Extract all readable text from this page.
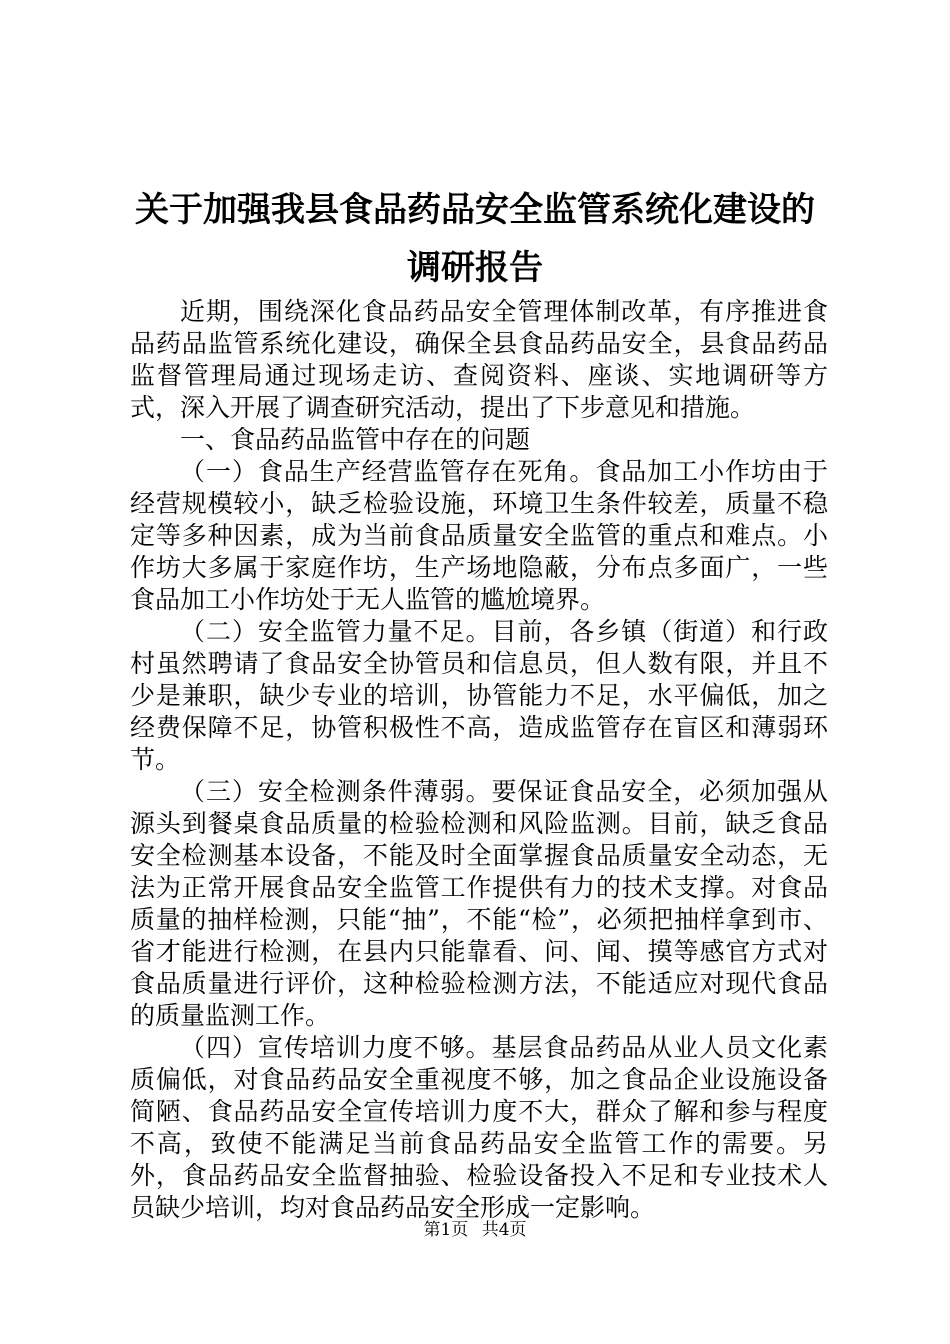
关于加强我县食品药品安全监管系统化建设的
调研报告

近期，围绕深化食品药品安全管理体制改革，有序推进食品药品监管系统化建设，确保全县食品药品安全，县食品药品监督管理局通过现场走访、查阅资料、座谈、实地调研等方式，深入开展了调查研究活动，提出了下步意见和措施。

一、食品药品监管中存在的问题

（一）食品生产经营监管存在死角。食品加工小作坊由于经营规模较小，缺乏检验设施，环境卫生条件较差，质量不稳定等多种因素，成为当前食品质量安全监管的重点和难点。小作坊大多属于家庭作坊，生产场地隐蔽，分布点多面广，一些食品加工小作坊处于无人监管的尴尬境界。

（二）安全监管力量不足。目前，各乡镇（街道）和行政村虽然聘请了食品安全协管员和信息员，但人数有限，并且不少是兼职，缺少专业的培训，协管能力不足，水平偏低，加之经费保障不足，协管积极性不高，造成监管存在盲区和薄弱环节。

（三）安全检测条件薄弱。要保证食品安全，必须加强从源头到餐桌食品质量的检验检测和风险监测。目前，缺乏食品安全检测基本设备，不能及时全面掌握食品质量安全动态，无法为正常开展食品安全监管工作提供有力的技术支撑。对食品质量的抽样检测，只能“抽”，不能“检”，必须把抽样拿到市、省才能进行检测，在县内只能靠看、问、闻、摸等感官方式对食品质量进行评价，这种检验检测方法，不能适应对现代食品的质量监测工作。

（四）宣传培训力度不够。基层食品药品从业人员文化素质偏低，对食品药品安全重视度不够，加之食品企业设施设备简陋、食品药品安全宣传培训力度不大，群众了解和参与程度不高，致使不能满足当前食品药品安全监管工作的需要。另外，食品药品安全监督抽验、检验设备投入不足和专业技术人员缺少培训，均对食品药品安全形成一定影响。

第1页 共4页
